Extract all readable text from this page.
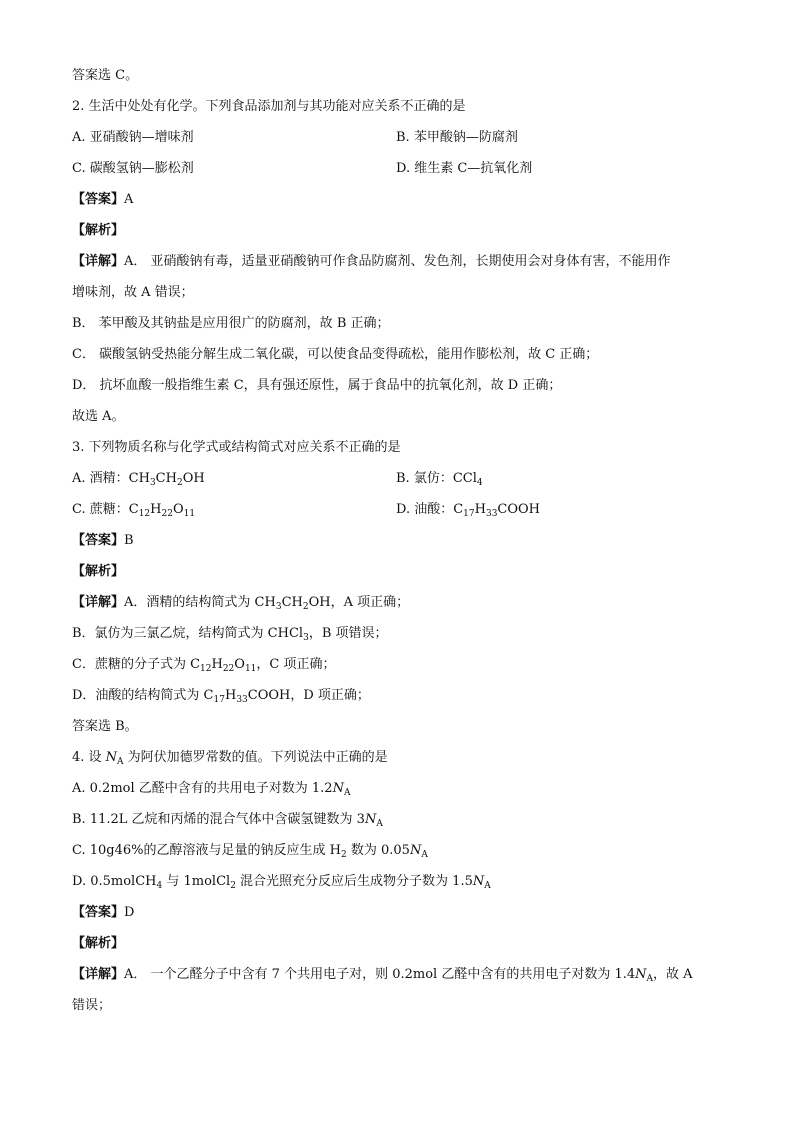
答案选 C。
2. 生活中处处有化学。下列食品添加剂与其功能对应关系不正确的是
A. 亚硝酸钠—增味剂	B. 苯甲酸钠—防腐剂
C. 碳酸氢钠—膨松剂	D. 维生素 C—抗氧化剂
【答案】A
【解析】
【详解】A． 亚硝酸钠有毒，适量亚硝酸钠可作食品防腐剂、发色剂，长期使用会对身体有害，不能用作
增味剂，故 A 错误；
B． 苯甲酸及其钠盐是应用很广的防腐剂，故 B 正确；
C． 碳酸氢钠受热能分解生成二氧化碳，可以使食品变得疏松，能用作膨松剂，故 C 正确；
D． 抗坏血酸一般指维生素 C，具有强还原性，属于食品中的抗氧化剂，故 D 正确；
故选 A。
3. 下列物质名称与化学式或结构简式对应关系不正确的是
A. 酒精：$CH_3CH_2OH$	B. 氯仿：CCl$_4$
C. 蔗糖：$C_{12}H_{22}O_{11}$	D. 油酸：$C_{17}H_{33}COOH$
【答案】B
【解析】
【详解】A．酒精的结构简式为 $CH_3CH_2OH$，A 项正确；
B．氯仿为三氯乙烷，结构简式为 CHCl$_3$，B 项错误；
C．蔗糖的分子式为 $C_{12}H_{22}O_{11}$，C 项正确；
D．油酸的结构简式为 $C_{17}H_{33}COOH$，D 项正确；
答案选 B。
4. 设 $N_A$ 为阿伏加德罗常数的值。下列说法中正确的是
A. 0.2mol 乙醛中含有的共用电子对数为 $1.2N_A$
B. 11.2L 乙烷和丙烯的混合气体中含碳氢键数为 $3N_A$
C. 10g46%的乙醇溶液与足量的钠反应生成 $H_2$ 数为 $0.05N_A$
D. 0.5molCH$_4$ 与 1molCl$_2$ 混合光照充分反应后生成物分子数为 $1.5N_A$
【答案】D
【解析】
【详解】A． 一个乙醛分子中含有 7 个共用电子对，则 0.2mol 乙醛中含有的共用电子对数为 $1.4N_A$，故 A
错误；
